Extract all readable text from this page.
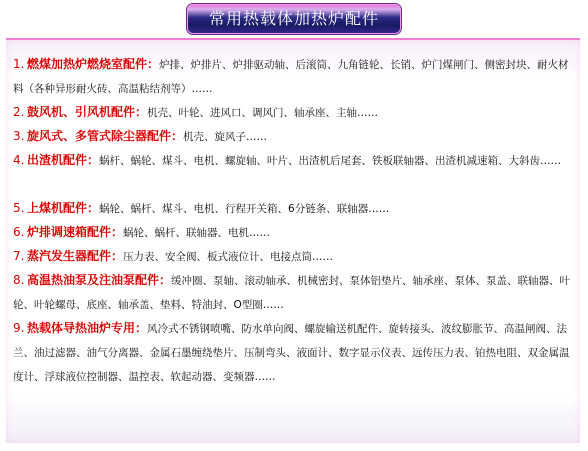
常用热载体加热炉配件
1. 燃煤加热炉燃烧室配件：炉排、炉排片、炉排驱动轴、后滚筒、九角链轮、长销、炉门煤闸门、侧密封块、耐火材料（各种异形耐火砖、高温粘结剂等）……
2. 鼓风机、引风机配件：机壳、叶轮、进风口、调风门、轴承座、主轴……
3. 旋风式、多管式除尘器配件：机壳、旋风子……
4. 出渣机配件：蜗杆、蜗轮、煤斗、电机、螺旋轴、叶片、出渣机后尾套、铁板联轴器、出渣机减速箱、大斜齿……
5. 上煤机配件：蜗轮、蜗杆、煤斗、电机、行程开关箱、6分链条、联轴器……
6. 炉排调速箱配件：蜗轮、蜗杆、联轴器、电机……
7. 蒸汽发生器配件：压力表、安全阀、板式液位计、电接点筒……
8. 高温热油泵及注油泵配件：缓冲圈、泵轴、滚动轴承、机械密封、泵体铝垫片、轴承座、泵体、泵盖、联轴器、叶轮、叶轮螺母、底座、轴承盖、垫料、特油封、O型圈……
9. 热载体导热油炉专用：风冷式不锈钢喷嘴、防水单向阀、螺旋输送机配件、旋转接头、波纹膨胀节、高温闸阀、法兰、油过滤器、油气分离器、金属石墨缠绕垫片、压制弯头、液面计、数字显示仪表、远传压力表、铂热电阻、双金属温度计、浮球液位控制器、温控表、软起动器、变频器……
